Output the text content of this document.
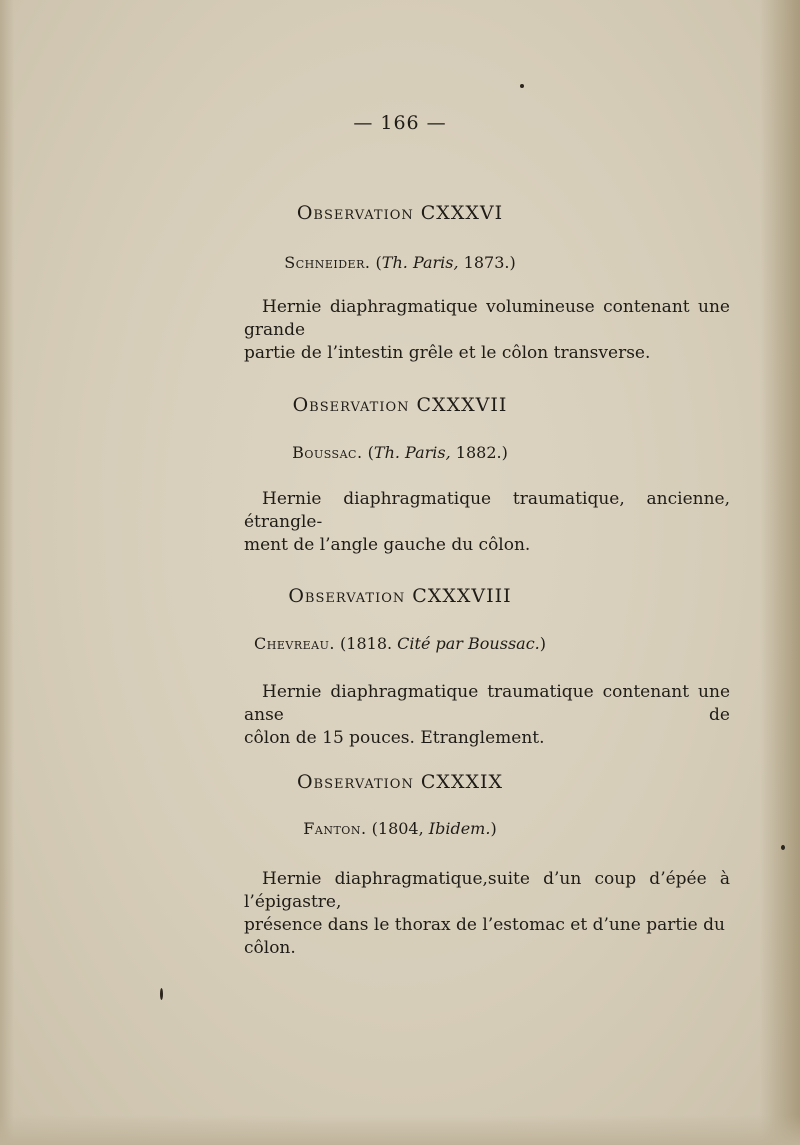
— 166 —
Observation CXXXVI
Schneider. (Th. Paris, 1873.)
Hernie diaphragmatique volumineuse contenant une grande
partie de l’intestin grêle et le côlon transverse.
Observation CXXXVII
Boussac. (Th. Paris, 1882.)
Hernie diaphragmatique traumatique, ancienne, étrangle-
ment de l’angle gauche du côlon.
Observation CXXXVIII
Chevreau. (1818. Cité par Boussac.)
Hernie diaphragmatique traumatique contenant une anse de
côlon de 15 pouces. Etranglement.
Observation CXXXIX
Fanton. (1804, Ibidem.)
Hernie diaphragmatique,suite d’un coup d’épée à l’épigastre,
présence dans le thorax de l’estomac et d’une partie du côlon.
